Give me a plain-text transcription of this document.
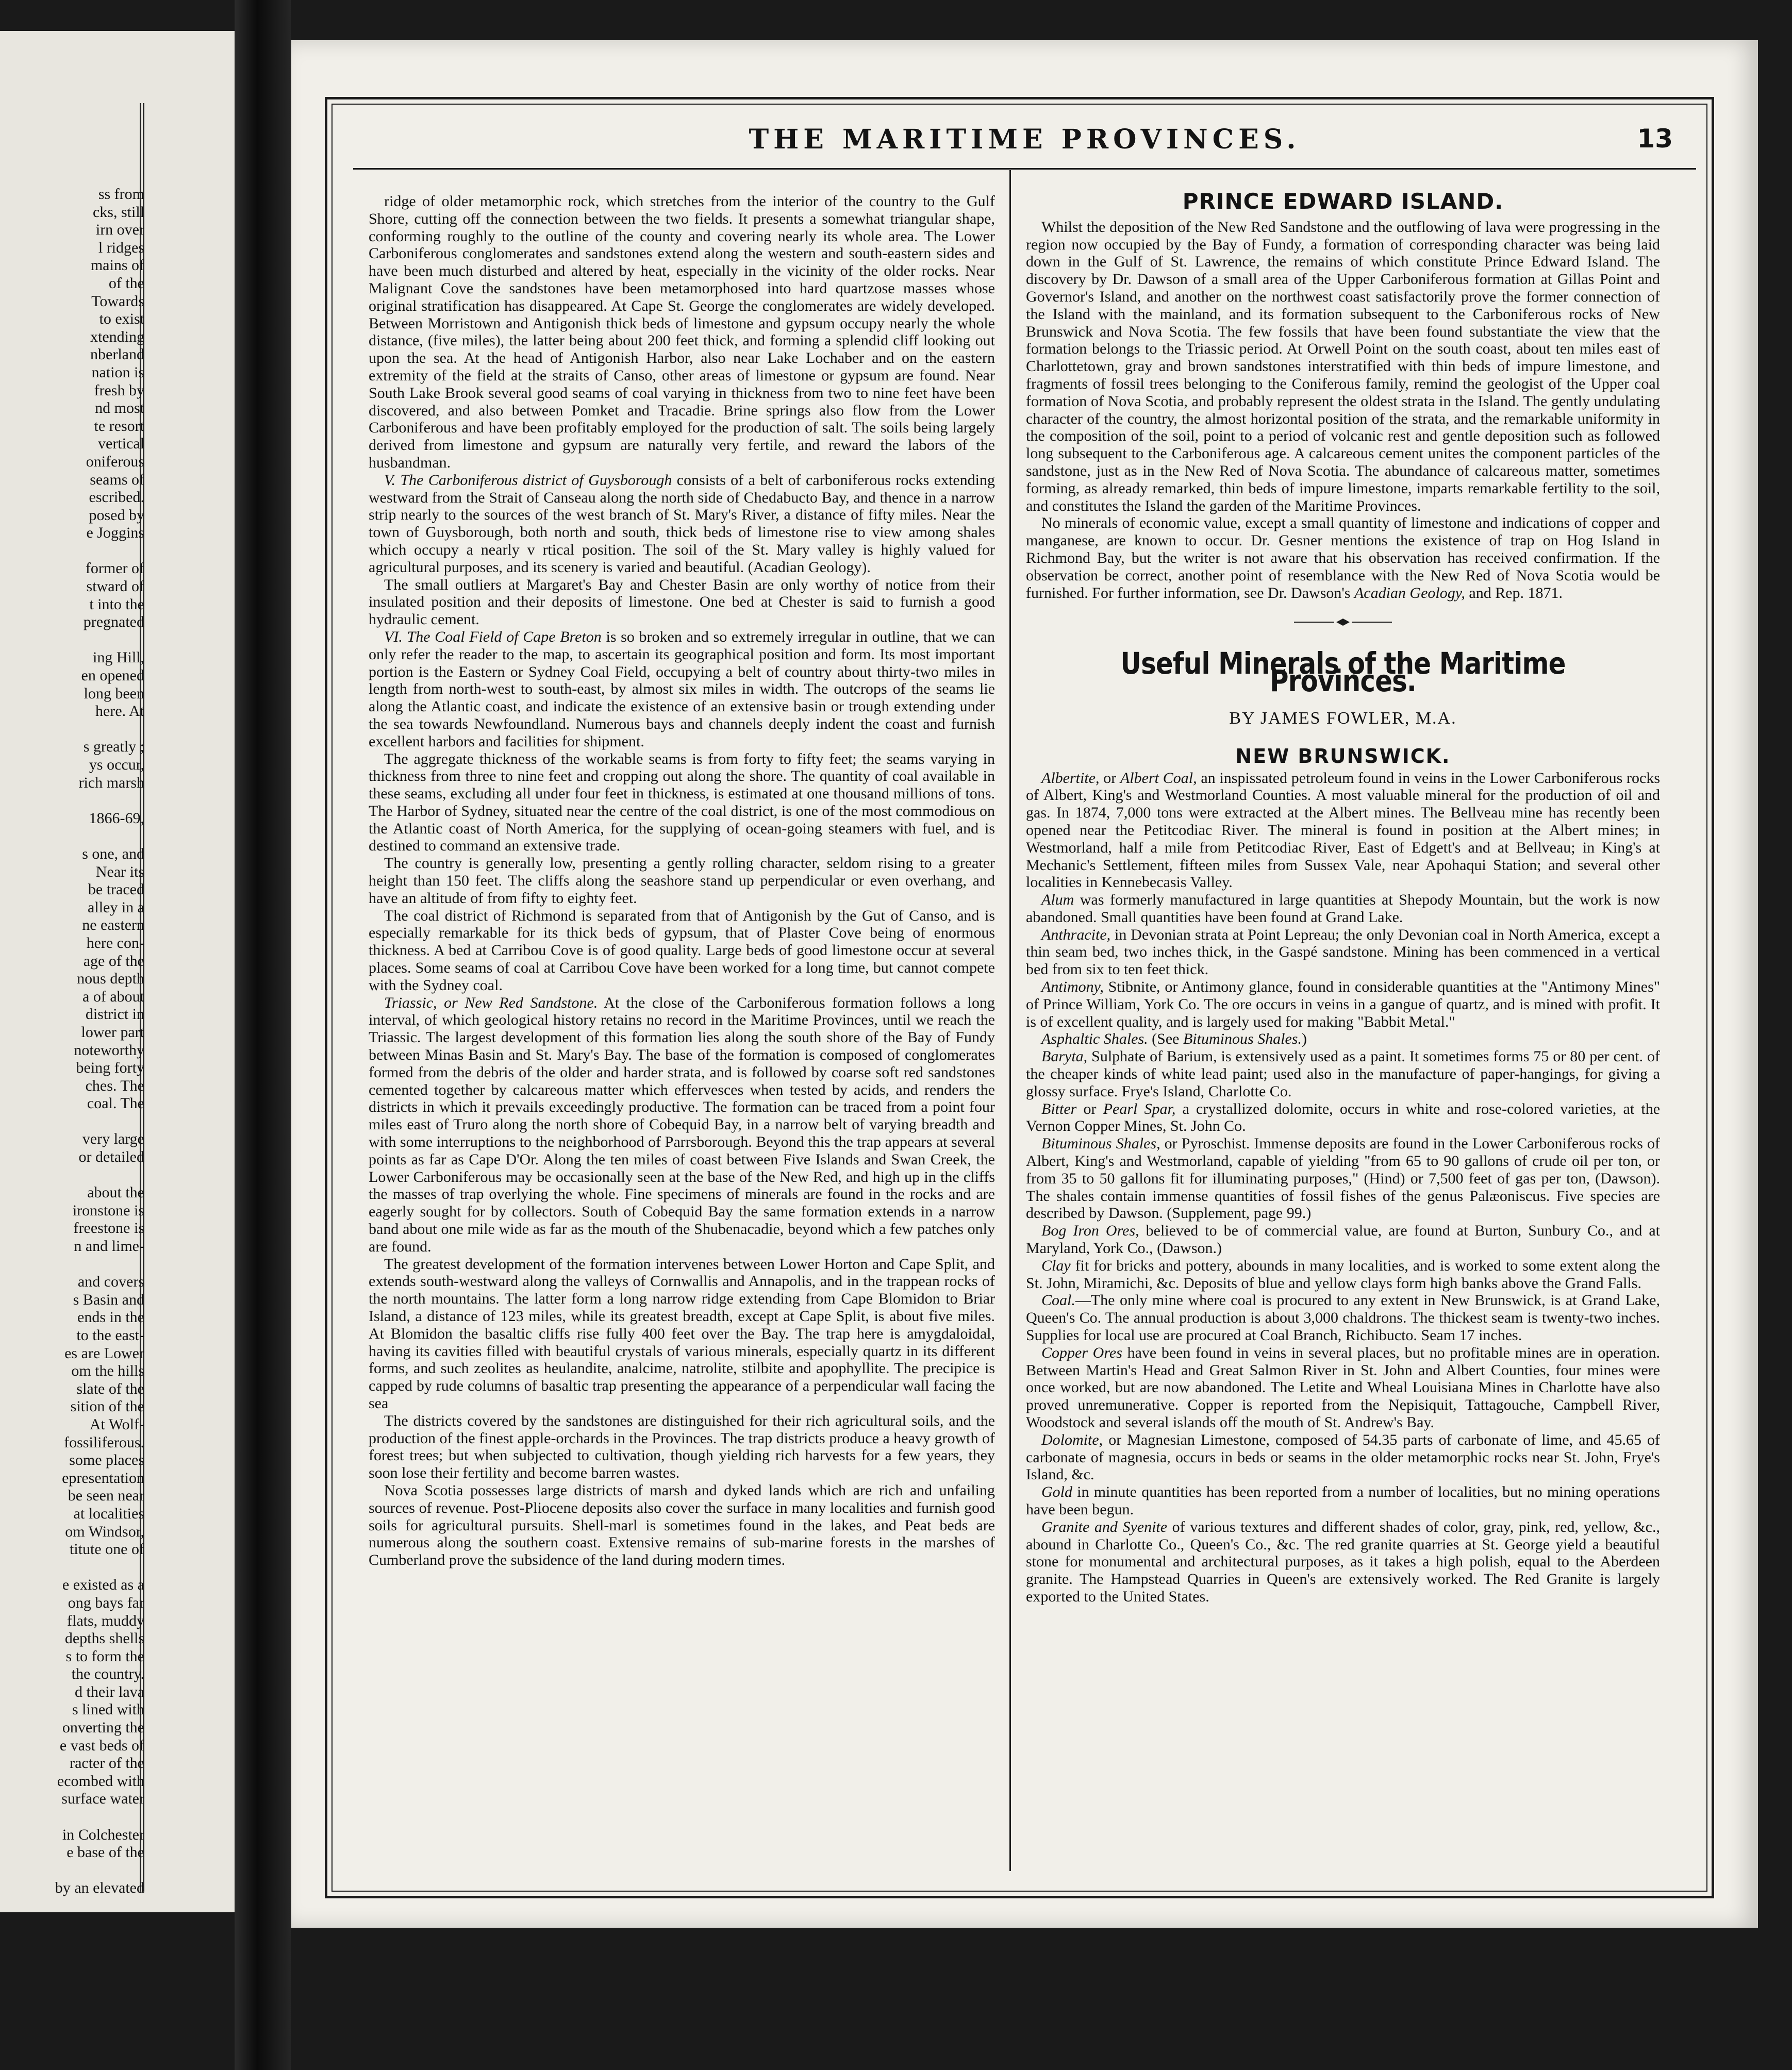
ss from
cks, still
irn over
l ridges
mains of
of the
Towards
to exist
xtending
nberland
nation is
fresh by
nd most
te resort
vertical
oniferous
seams of
escribed.
posed by
e Joggins

former of
stward of
t into the
pregnated

ing Hill,
en opened
long been
here. At

s greatly ;
ys occur,
rich marsh

1866-69,

s one, and
Near its
be traced
alley in a
ne eastern
here con-
age of the
nous depth
a of about
district in
lower part
noteworthy
being forty
ches. The
coal. The

very large
or detailed

about the
ironstone is
freestone is
n and lime-

and covers
s Basin and
ends in the
to the east-
es are Lower
om the hills
slate of the
sition of the
At Wolf-
fossiliferous.
some places
epresentation
be seen near
at localities
om Windsor,
titute one of

e existed as a
ong bays far
flats, muddy
depths shells
s to form the
the country.
d their lava
s lined with
onverting the
e vast beds of
racter of the
ecombed with
surface water

in Colchester
e base of the

by an elevated
THE MARITIME PROVINCES.	13

ridge of older metamorphic rock, which stretches from the interior of the country to the Gulf Shore, cutting off the connection between the two fields. It presents a somewhat triangular shape, conforming roughly to the outline of the county and covering nearly its whole area. The Lower Carboniferous conglomerates and sandstones extend along the western and south-eastern sides and have been much disturbed and altered by heat, especially in the vicinity of the older rocks. Near Malignant Cove the sandstones have been metamorphosed into hard quartzose masses whose original stratification has disappeared. At Cape St. George the conglomerates are widely developed. Between Morristown and Antigonish thick beds of limestone and gypsum occupy nearly the whole distance, (five miles), the latter being about 200 feet thick, and forming a splendid cliff looking out upon the sea. At the head of Antigonish Harbor, also near Lake Lochaber and on the eastern extremity of the field at the straits of Canso, other areas of limestone or gypsum are found. Near South Lake Brook several good seams of coal varying in thickness from two to nine feet have been discovered, and also between Pomket and Tracadie. Brine springs also flow from the Lower Carboniferous and have been profitably employed for the production of salt. The soils being largely derived from limestone and gypsum are naturally very fertile, and reward the labors of the husbandman.

V. The Carboniferous district of Guysborough consists of a belt of carboniferous rocks extending westward from the Strait of Canseau along the north side of Chedabucto Bay, and thence in a narrow strip nearly to the sources of the west branch of St. Mary's River, a distance of fifty miles. Near the town of Guysborough, both north and south, thick beds of limestone rise to view among shales which occupy a nearly v rtical position. The soil of the St. Mary valley is highly valued for agricultural purposes, and its scenery is varied and beautiful. (Acadian Geology).

The small outliers at Margaret's Bay and Chester Basin are only worthy of notice from their insulated position and their deposits of limestone. One bed at Chester is said to furnish a good hydraulic cement.

VI. The Coal Field of Cape Breton is so broken and so extremely irregular in outline, that we can only refer the reader to the map, to ascertain its geographical position and form. Its most important portion is the Eastern or Sydney Coal Field, occupying a belt of country about thirty-two miles in length from north-west to south-east, by almost six miles in width. The outcrops of the seams lie along the Atlantic coast, and indicate the existence of an extensive basin or trough extending under the sea towards Newfoundland. Numerous bays and channels deeply indent the coast and furnish excellent harbors and facilities for shipment.

The aggregate thickness of the workable seams is from forty to fifty feet; the seams varying in thickness from three to nine feet and cropping out along the shore. The quantity of coal available in these seams, excluding all under four feet in thickness, is estimated at one thousand millions of tons. The Harbor of Sydney, situated near the centre of the coal district, is one of the most commodious on the Atlantic coast of North America, for the supplying of ocean-going steamers with fuel, and is destined to command an extensive trade.

The country is generally low, presenting a gently rolling character, seldom rising to a greater height than 150 feet. The cliffs along the seashore stand up perpendicular or even overhang, and have an altitude of from fifty to eighty feet.

The coal district of Richmond is separated from that of Antigonish by the Gut of Canso, and is especially remarkable for its thick beds of gypsum, that of Plaster Cove being of enormous thickness. A bed at Carribou Cove is of good quality. Large beds of good limestone occur at several places. Some seams of coal at Carribou Cove have been worked for a long time, but cannot compete with the Sydney coal.

Triassic, or New Red Sandstone. At the close of the Carboniferous formation follows a long interval, of which geological history retains no record in the Maritime Provinces, until we reach the Triassic. The largest development of this formation lies along the south shore of the Bay of Fundy between Minas Basin and St. Mary's Bay. The base of the formation is composed of conglomerates formed from the debris of the older and harder strata, and is followed by coarse soft red sandstones cemented together by calcareous matter which effervesces when tested by acids, and renders the districts in which it prevails exceedingly productive. The formation can be traced from a point four miles east of Truro along the north shore of Cobequid Bay, in a narrow belt of varying breadth and with some interruptions to the neighborhood of Parrsborough. Beyond this the trap appears at several points as far as Cape D'Or. Along the ten miles of coast between Five Islands and Swan Creek, the Lower Carboniferous may be occasionally seen at the base of the New Red, and high up in the cliffs the masses of trap overlying the whole. Fine specimens of minerals are found in the rocks and are eagerly sought for by collectors. South of Cobequid Bay the same formation extends in a narrow band about one mile wide as far as the mouth of the Shubenacadie, beyond which a few patches only are found.

The greatest development of the formation intervenes between Lower Horton and Cape Split, and extends south-westward along the valleys of Cornwallis and Annapolis, and in the trappean rocks of the north mountains. The latter form a long narrow ridge extending from Cape Blomidon to Briar Island, a distance of 123 miles, while its greatest breadth, except at Cape Split, is about five miles. At Blomidon the basaltic cliffs rise fully 400 feet over the Bay. The trap here is amygdaloidal, having its cavities filled with beautiful crystals of various minerals, especially quartz in its different forms, and such zeolites as heulandite, analcime, natrolite, stilbite and apophyllite. The precipice is capped by rude columns of basaltic trap presenting the appearance of a perpendicular wall facing the sea

The districts covered by the sandstones are distinguished for their rich agricultural soils, and the production of the finest apple-orchards in the Provinces. The trap districts produce a heavy growth of forest trees; but when subjected to cultivation, though yielding rich harvests for a few years, they soon lose their fertility and become barren wastes.

Nova Scotia possesses large districts of marsh and dyked lands which are rich and unfailing sources of revenue. Post-Pliocene deposits also cover the surface in many localities and furnish good soils for agricultural pursuits. Shell-marl is sometimes found in the lakes, and Peat beds are numerous along the southern coast. Extensive remains of sub-marine forests in the marshes of Cumberland prove the subsidence of the land during modern times.

PRINCE EDWARD ISLAND.

Whilst the deposition of the New Red Sandstone and the outflowing of lava were progressing in the region now occupied by the Bay of Fundy, a formation of corresponding character was being laid down in the Gulf of St. Lawrence, the remains of which constitute Prince Edward Island. The discovery by Dr. Dawson of a small area of the Upper Carboniferous formation at Gillas Point and Governor's Island, and another on the northwest coast satisfactorily prove the former connection of the Island with the mainland, and its formation subsequent to the Carboniferous rocks of New Brunswick and Nova Scotia. The few fossils that have been found substantiate the view that the formation belongs to the Triassic period. At Orwell Point on the south coast, about ten miles east of Charlottetown, gray and brown sandstones interstratified with thin beds of impure limestone, and fragments of fossil trees belonging to the Coniferous family, remind the geologist of the Upper coal formation of Nova Scotia, and probably represent the oldest strata in the Island. The gently undulating character of the country, the almost horizontal position of the strata, and the remarkable uniformity in the composition of the soil, point to a period of volcanic rest and gentle deposition such as followed long subsequent to the Carboniferous age. A calcareous cement unites the component particles of the sandstone, just as in the New Red of Nova Scotia. The abundance of calcareous matter, sometimes forming, as already remarked, thin beds of impure limestone, imparts remarkable fertility to the soil, and constitutes the Island the garden of the Maritime Provinces.

No minerals of economic value, except a small quantity of limestone and indications of copper and manganese, are known to occur. Dr. Gesner mentions the existence of trap on Hog Island in Richmond Bay, but the writer is not aware that his observation has received confirmation. If the observation be correct, another point of resemblance with the New Red of Nova Scotia would be furnished. For further information, see Dr. Dawson's Acadian Geology, and Rep. 1871.

Useful Minerals of the Maritime Provinces.
BY JAMES FOWLER, M.A.
NEW BRUNSWICK.

Albertite, or Albert Coal, an inspissated petroleum found in veins in the Lower Carboniferous rocks of Albert, King's and Westmorland Counties. A most valuable mineral for the production of oil and gas. In 1874, 7,000 tons were extracted at the Albert mines. The Bellveau mine has recently been opened near the Petitcodiac River. The mineral is found in position at the Albert mines; in Westmorland, half a mile from Petitcodiac River, East of Edgett's and at Bellveau; in King's at Mechanic's Settlement, fifteen miles from Sussex Vale, near Apohaqui Station; and several other localities in Kennebecasis Valley.

Alum was formerly manufactured in large quantities at Shepody Mountain, but the work is now abandoned. Small quantities have been found at Grand Lake.

Anthracite, in Devonian strata at Point Lepreau; the only Devonian coal in North America, except a thin seam bed, two inches thick, in the Gaspé sandstone. Mining has been commenced in a vertical bed from six to ten feet thick.

Antimony, Stibnite, or Antimony glance, found in considerable quantities at the "Antimony Mines" of Prince William, York Co. The ore occurs in veins in a gangue of quartz, and is mined with profit. It is of excellent quality, and is largely used for making "Babbit Metal."

Asphaltic Shales. (See Bituminous Shales.)

Baryta, Sulphate of Barium, is extensively used as a paint. It sometimes forms 75 or 80 per cent. of the cheaper kinds of white lead paint; used also in the manufacture of paper-hangings, for giving a glossy surface. Frye's Island, Charlotte Co.

Bitter or Pearl Spar, a crystallized dolomite, occurs in white and rose-colored varieties, at the Vernon Copper Mines, St. John Co.

Bituminous Shales, or Pyroschist. Immense deposits are found in the Lower Carboniferous rocks of Albert, King's and Westmorland, capable of yielding "from 65 to 90 gallons of crude oil per ton, or from 35 to 50 gallons fit for illuminating purposes," (Hind) or 7,500 feet of gas per ton, (Dawson). The shales contain immense quantities of fossil fishes of the genus Palæoniscus. Five species are described by Dawson. (Supplement, page 99.)

Bog Iron Ores, believed to be of commercial value, are found at Burton, Sunbury Co., and at Maryland, York Co., (Dawson.)

Clay fit for bricks and pottery, abounds in many localities, and is worked to some extent along the St. John, Miramichi, &c. Deposits of blue and yellow clays form high banks above the Grand Falls.

Coal.—The only mine where coal is procured to any extent in New Brunswick, is at Grand Lake, Queen's Co. The annual production is about 3,000 chaldrons. The thickest seam is twenty-two inches. Supplies for local use are procured at Coal Branch, Richibucto. Seam 17 inches.

Copper Ores have been found in veins in several places, but no profitable mines are in operation. Between Martin's Head and Great Salmon River in St. John and Albert Counties, four mines were once worked, but are now abandoned. The Letite and Wheal Louisiana Mines in Charlotte have also proved unremunerative. Copper is reported from the Nepisiquit, Tattagouche, Campbell River, Woodstock and several islands off the mouth of St. Andrew's Bay.

Dolomite, or Magnesian Limestone, composed of 54.35 parts of carbonate of lime, and 45.65 of carbonate of magnesia, occurs in beds or seams in the older metamorphic rocks near St. John, Frye's Island, &c.

Gold in minute quantities has been reported from a number of localities, but no mining operations have been begun.

Granite and Syenite of various textures and different shades of color, gray, pink, red, yellow, &c., abound in Charlotte Co., Queen's Co., &c. The red granite quarries at St. George yield a beautiful stone for monumental and architectural purposes, as it takes a high polish, equal to the Aberdeen granite. The Hampstead Quarries in Queen's are extensively worked. The Red Granite is largely exported to the United States.
